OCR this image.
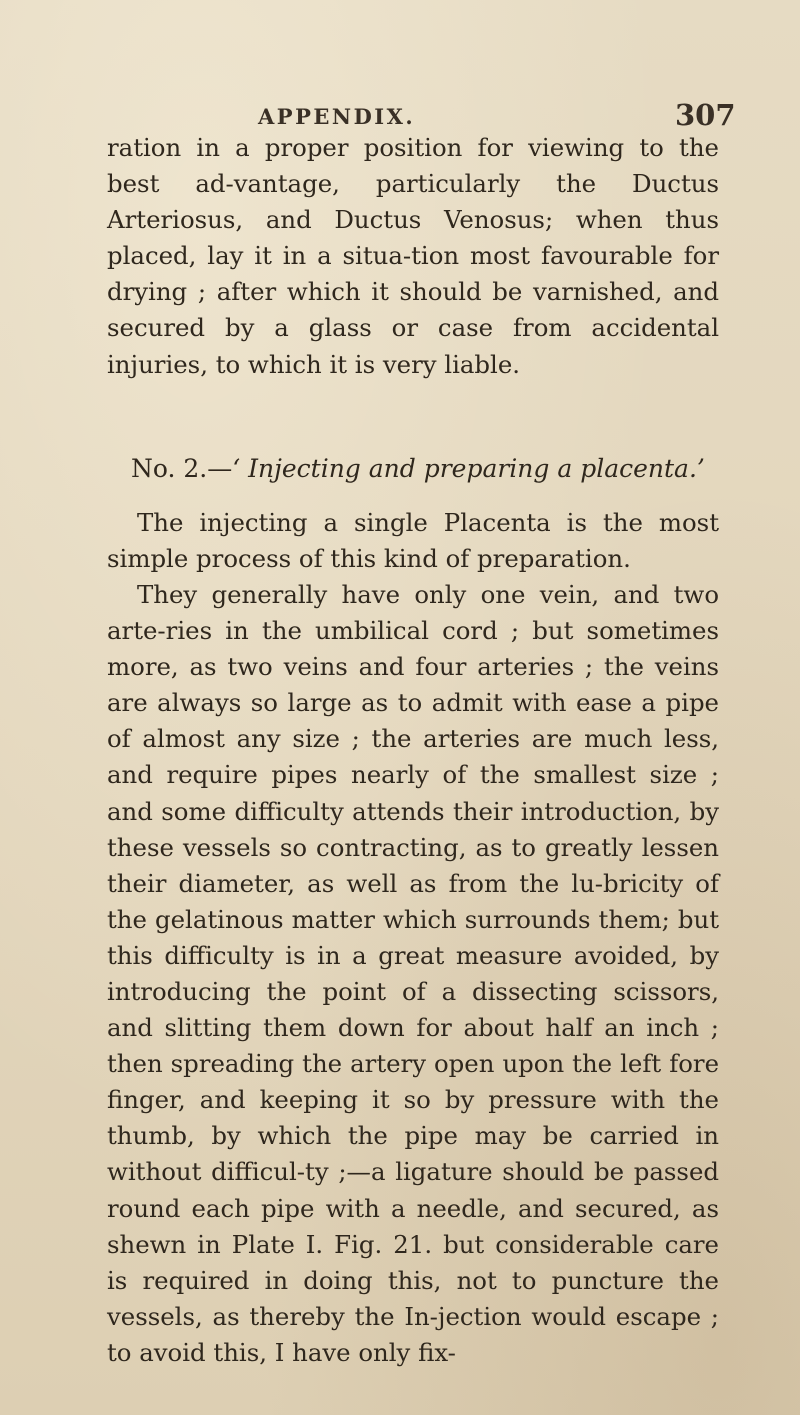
APPENDIX.	307

ration in a proper position for viewing to the best ad-vantage, particularly the Ductus Arteriosus, and Ductus Venosus; when thus placed, lay it in a situa-tion most favourable for drying ; after which it should be varnished, and secured by a glass or case from accidental injuries, to which it is very liable.

No. 2.—‘ Injecting and preparing a placenta.’

The injecting a single Placenta is the most simple process of this kind of preparation.

They generally have only one vein, and two arte-ries in the umbilical cord ; but sometimes more, as two veins and four arteries ; the veins are always so large as to admit with ease a pipe of almost any size ; the arteries are much less, and require pipes nearly of the smallest size ; and some difficulty attends their introduction, by these vessels so contracting, as to greatly lessen their diameter, as well as from the lu-bricity of the gelatinous matter which surrounds them; but this difficulty is in a great measure avoided, by introducing the point of a dissecting scissors, and slitting them down for about half an inch ; then spreading the artery open upon the left fore finger, and keeping it so by pressure with the thumb, by which the pipe may be carried in without difficul-ty ;—a ligature should be passed round each pipe with a needle, and secured, as shewn in Plate I. Fig. 21. but considerable care is required in doing this, not to puncture the vessels, as thereby the In-jection would escape ; to avoid this, I have only fix-
